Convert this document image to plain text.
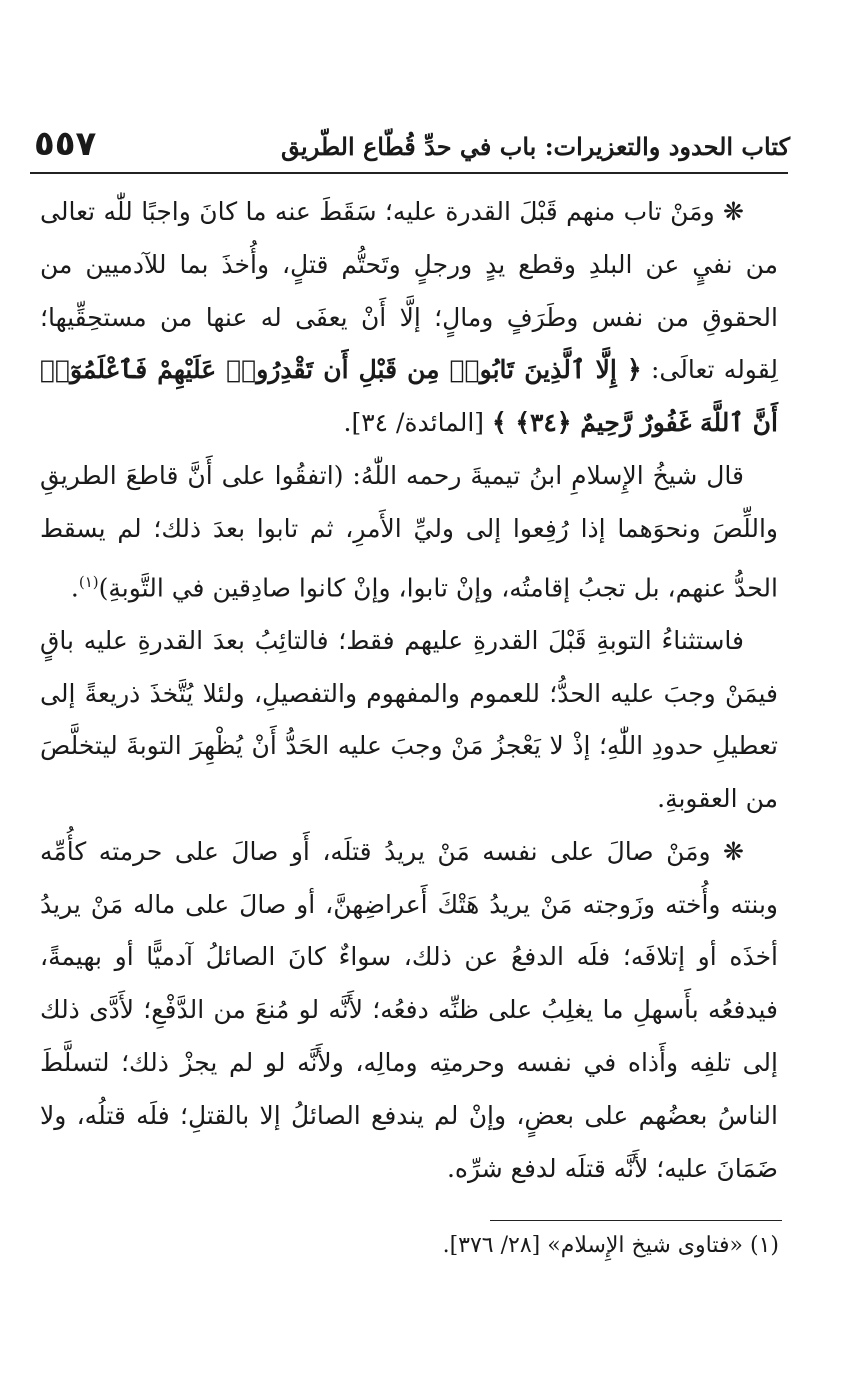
٥٥٧	كتاب الحدود والتعزيرات: باب في حدِّ قُطّاع الطّريق

❋ ومَنْ تاب منهم قَبْلَ القدرة عليه؛ سَقَطَ عنه ما كانَ واجبًا للّٰه تعالى من نفيٍ عن البلدِ وقطع يدٍ ورجلٍ وتَحتُّم قتلٍ، وأُخذَ بما للآدميين من الحقوقِ من نفس وطَرَفٍ ومالٍ؛ إلَّا أَنْ يعفَى له عنها من مستحِقِّيها؛ لِقوله تعالَى: ﴿ إِلَّا ٱلَّذِينَ تَابُوا۟ مِن قَبْلِ أَن تَقْدِرُوا۟ عَلَيْهِمْ فَٱعْلَمُوٓا۟ أَنَّ ٱللَّهَ غَفُورٌ رَّحِيمٌ ﴿٣٤﴾ ﴾ [المائدة/ ٣٤].

قال شيخُ الإِسلامِ ابنُ تيميةَ رحمه اللّٰهُ: (اتفقُوا على أَنَّ قاطعَ الطريقِ واللِّصَ ونحوَهما إذا رُفِعوا إلى وليِّ الأَمرِ، ثم تابوا بعدَ ذلك؛ لم يسقط الحدُّ عنهم، بل تجبُ إقامتُه، وإنْ تابوا، وإنْ كانوا صادِقين في التَّوبةِ)$^{(١)}$.

فاستثناءُ التوبةِ قَبْلَ القدرةِ عليهم فقط؛ فالتائِبُ بعدَ القدرةِ عليه باقٍ فيمَنْ وجبَ عليه الحدُّ؛ للعموم والمفهوم والتفصيلِ، ولئلا يُتَّخذَ ذريعةً إلى تعطيلِ حدودِ اللّٰهِ؛ إذْ لا يَعْجزُ مَنْ وجبَ عليه الحَدُّ أَنْ يُظْهِرَ التوبةَ ليتخلَّصَ من العقوبةِ.

❋ ومَنْ صالَ على نفسه مَنْ يريدُ قتلَه، أَو صالَ على حرمته كأُمِّه وبنته وأُخته وزَوجته مَنْ يريدُ هَتْكَ أَعراضِهنَّ، أو صالَ على ماله مَنْ يريدُ أخذَه أو إتلافَه؛ فلَه الدفعُ عن ذلك، سواءٌ كانَ الصائلُ آدميًّا أو بهيمةً، فيدفعُه بأَسهلِ ما يغلِبُ على ظنِّه دفعُه؛ لأَنَّه لو مُنعَ من الدَّفْعِ؛ لأَدَّى ذلك إلى تلفِه وأَذاه في نفسه وحرمتِه ومالِه، ولأَنَّه لو لم يجزْ ذلك؛ لتسلَّطَ الناسُ بعضُهم على بعضٍ، وإنْ لم يندفع الصائلُ إلا بالقتلِ؛ فلَه قتلُه، ولا ضَمَانَ عليه؛ لأَنَّه قتلَه لدفع شرِّه.

(١) «فتاوى شيخ الإِسلام» [٢٨/ ٣٧٦].
